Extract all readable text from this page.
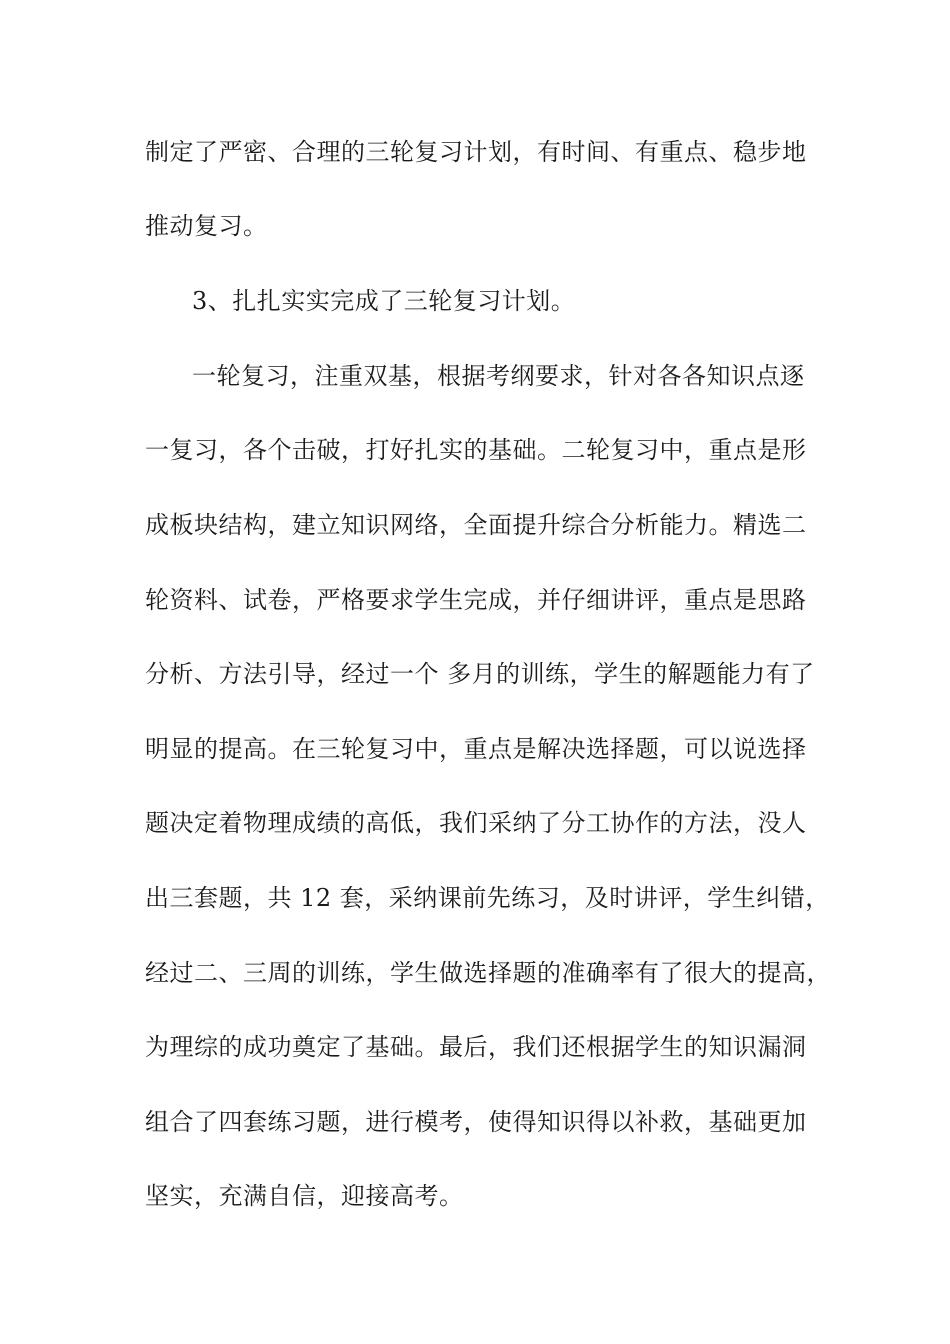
制定了严密、合理的三轮复习计划，有时间、有重点、稳步地
推动复习。
3、扎扎实实完成了三轮复习计划。
一轮复习，注重双基，根据考纲要求，针对各各知识点逐
一复习，各个击破，打好扎实的基础。二轮复习中，重点是形
成板块结构，建立知识网络，全面提升综合分析能力。精选二
轮资料、试卷，严格要求学生完成，并仔细讲评，重点是思路
分析、方法引导，经过一个 多月的训练，学生的解题能力有了
明显的提高。在三轮复习中，重点是解决选择题，可以说选择
题决定着物理成绩的高低，我们采纳了分工协作的方法，没人
出三套题，共 12 套，采纳课前先练习，及时讲评，学生纠错，
经过二、三周的训练，学生做选择题的准确率有了很大的提高，
为理综的成功奠定了基础。最后，我们还根据学生的知识漏洞
组合了四套练习题，进行模考，使得知识得以补救，基础更加
坚实，充满自信，迎接高考。
